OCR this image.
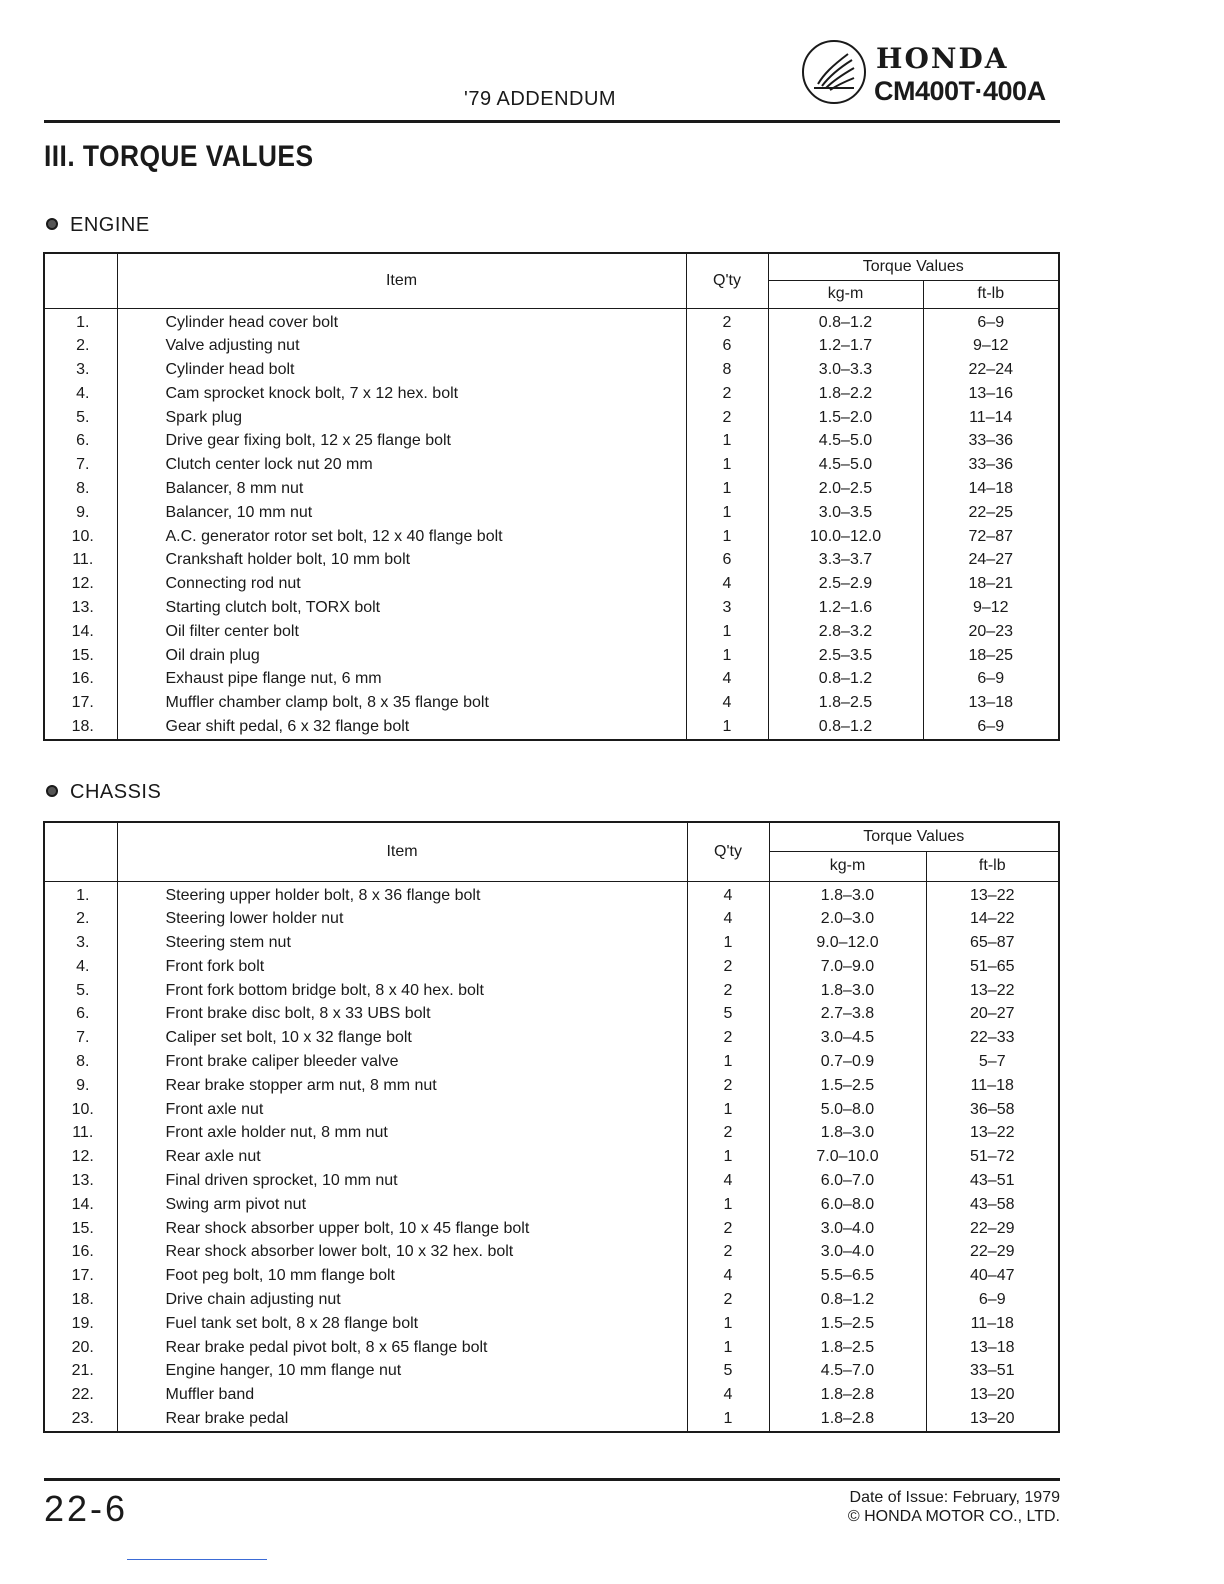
'79 ADDENDUM
HONDA
CM400T·400A
III. TORQUE VALUES
ENGINE
	Item	Q'ty	Torque Values	
			kg-m	ft-lb
1.	Cylinder head cover bolt	2	0.8–1.2	6–9
2.	Valve adjusting nut	6	1.2–1.7	9–12
3.	Cylinder head bolt	8	3.0–3.3	22–24
4.	Cam sprocket knock bolt, 7 x 12 hex. bolt	2	1.8–2.2	13–16
5.	Spark plug	2	1.5–2.0	11–14
6.	Drive gear fixing bolt, 12 x 25 flange bolt	1	4.5–5.0	33–36
7.	Clutch center lock nut 20 mm	1	4.5–5.0	33–36
8.	Balancer, 8 mm nut	1	2.0–2.5	14–18
9.	Balancer, 10 mm nut	1	3.0–3.5	22–25
10.	A.C. generator rotor set bolt, 12 x 40 flange bolt	1	10.0–12.0	72–87
11.	Crankshaft holder bolt, 10 mm bolt	6	3.3–3.7	24–27
12.	Connecting rod nut	4	2.5–2.9	18–21
13.	Starting clutch bolt, TORX bolt	3	1.2–1.6	9–12
14.	Oil filter center bolt	1	2.8–3.2	20–23
15.	Oil drain plug	1	2.5–3.5	18–25
16.	Exhaust pipe flange nut, 6 mm	4	0.8–1.2	6–9
17.	Muffler chamber clamp bolt, 8 x 35 flange bolt	4	1.8–2.5	13–18
18.	Gear shift pedal, 6 x 32 flange bolt	1	0.8–1.2	6–9
CHASSIS
	Item	Q'ty	Torque Values	
			kg-m	ft-lb
1.	Steering upper holder bolt, 8 x 36 flange bolt	4	1.8–3.0	13–22
2.	Steering lower holder nut	4	2.0–3.0	14–22
3.	Steering stem nut	1	9.0–12.0	65–87
4.	Front fork bolt	2	7.0–9.0	51–65
5.	Front fork bottom bridge bolt, 8 x 40 hex. bolt	2	1.8–3.0	13–22
6.	Front brake disc bolt, 8 x 33 UBS bolt	5	2.7–3.8	20–27
7.	Caliper set bolt, 10 x 32 flange bolt	2	3.0–4.5	22–33
8.	Front brake caliper bleeder valve	1	0.7–0.9	5–7
9.	Rear brake stopper arm nut, 8 mm nut	2	1.5–2.5	11–18
10.	Front axle nut	1	5.0–8.0	36–58
11.	Front axle holder nut, 8 mm nut	2	1.8–3.0	13–22
12.	Rear axle nut	1	7.0–10.0	51–72
13.	Final driven sprocket, 10 mm nut	4	6.0–7.0	43–51
14.	Swing arm pivot nut	1	6.0–8.0	43–58
15.	Rear shock absorber upper bolt, 10 x 45 flange bolt	2	3.0–4.0	22–29
16.	Rear shock absorber lower bolt, 10 x 32 hex. bolt	2	3.0–4.0	22–29
17.	Foot peg bolt, 10 mm flange bolt	4	5.5–6.5	40–47
18.	Drive chain adjusting nut	2	0.8–1.2	6–9
19.	Fuel tank set bolt, 8 x 28 flange bolt	1	1.5–2.5	11–18
20.	Rear brake pedal pivot bolt, 8 x 65 flange bolt	1	1.8–2.5	13–18
21.	Engine hanger, 10 mm flange nut	5	4.5–7.0	33–51
22.	Muffler band	4	1.8–2.8	13–20
23.	Rear brake pedal	1	1.8–2.8	13–20
22-6	Date of Issue: February, 1979
© HONDA MOTOR CO., LTD.
